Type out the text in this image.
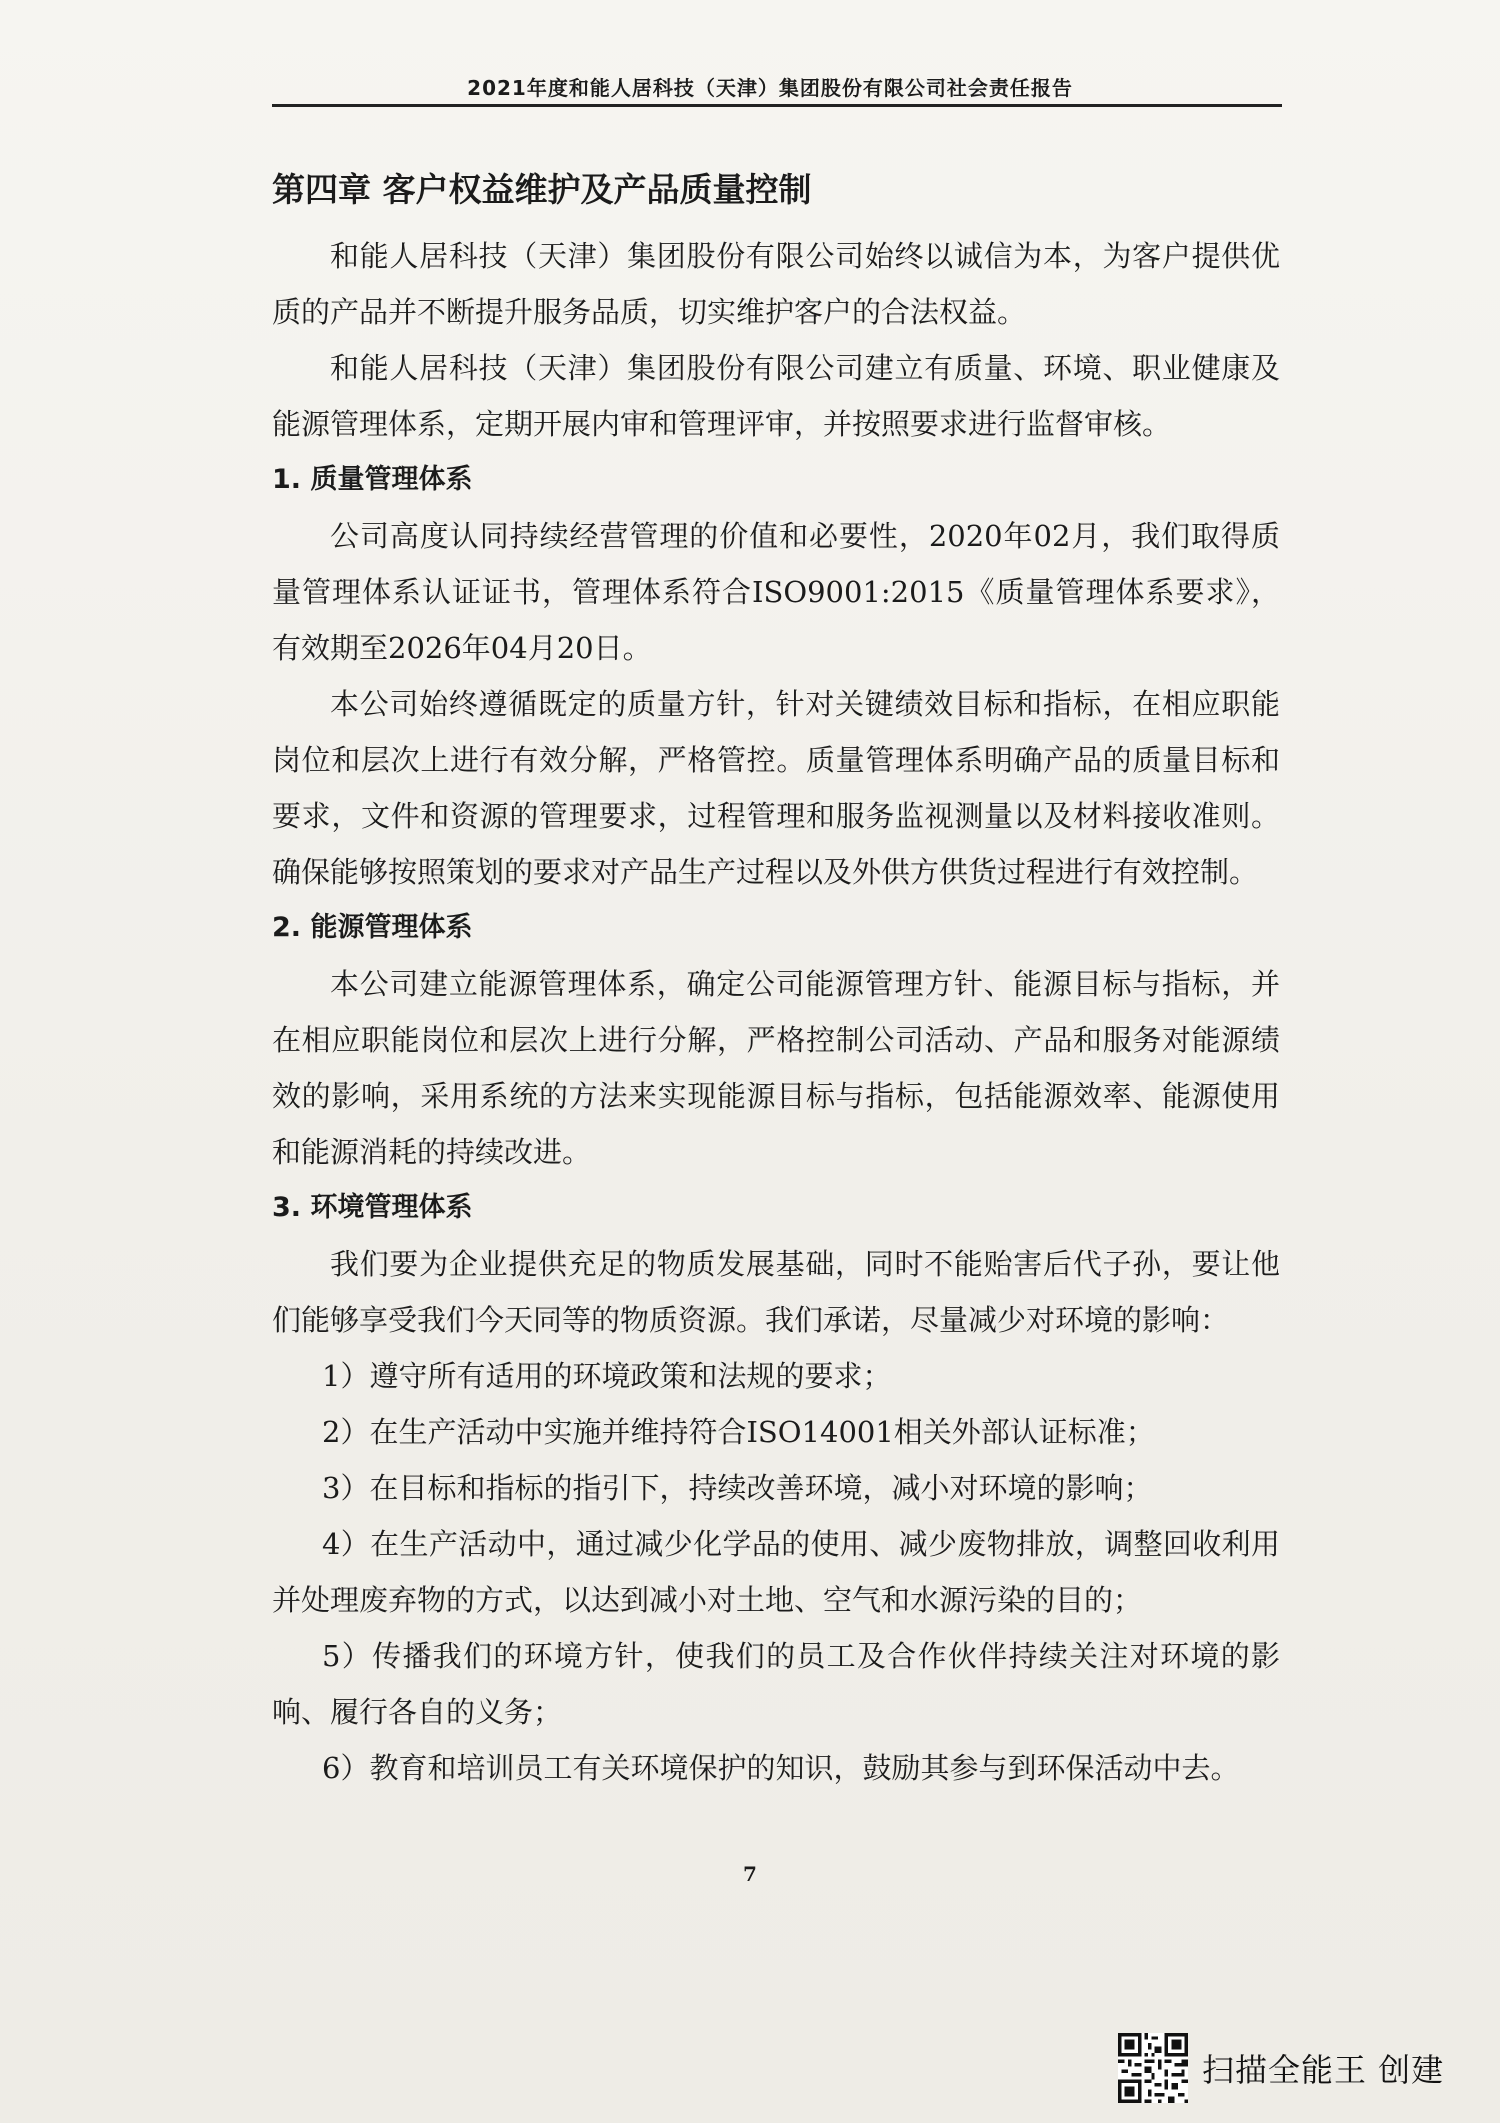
2021年度和能人居科技（天津）集团股份有限公司社会责任报告
第四章 客户权益维护及产品质量控制

和能人居科技（天津）集团股份有限公司始终以诚信为本，为客户提供优质的产品并不断提升服务品质，切实维护客户的合法权益。

和能人居科技（天津）集团股份有限公司建立有质量、环境、职业健康及能源管理体系，定期开展内审和管理评审，并按照要求进行监督审核。

1. 质量管理体系

公司高度认同持续经营管理的价值和必要性，2020年02月，我们取得质量管理体系认证证书，管理体系符合ISO9001:2015《质量管理体系要求》，有效期至2026年04月20日。

本公司始终遵循既定的质量方针，针对关键绩效目标和指标，在相应职能岗位和层次上进行有效分解，严格管控。质量管理体系明确产品的质量目标和要求，文件和资源的管理要求，过程管理和服务监视测量以及材料接收准则。确保能够按照策划的要求对产品生产过程以及外供方供货过程进行有效控制。

2. 能源管理体系

本公司建立能源管理体系，确定公司能源管理方针、能源目标与指标，并在相应职能岗位和层次上进行分解，严格控制公司活动、产品和服务对能源绩效的影响，采用系统的方法来实现能源目标与指标，包括能源效率、能源使用和能源消耗的持续改进。

3. 环境管理体系

我们要为企业提供充足的物质发展基础，同时不能贻害后代子孙，要让他们能够享受我们今天同等的物质资源。我们承诺，尽量减少对环境的影响：

1）遵守所有适用的环境政策和法规的要求；

2）在生产活动中实施并维持符合ISO14001相关外部认证标准；

3）在目标和指标的指引下，持续改善环境，减小对环境的影响；

4）在生产活动中，通过减少化学品的使用、减少废物排放，调整回收利用并处理废弃物的方式，以达到减小对土地、空气和水源污染的目的；

5）传播我们的环境方针，使我们的员工及合作伙伴持续关注对环境的影响、履行各自的义务；

6）教育和培训员工有关环境保护的知识，鼓励其参与到环保活动中去。

7
扫描全能王 创建
